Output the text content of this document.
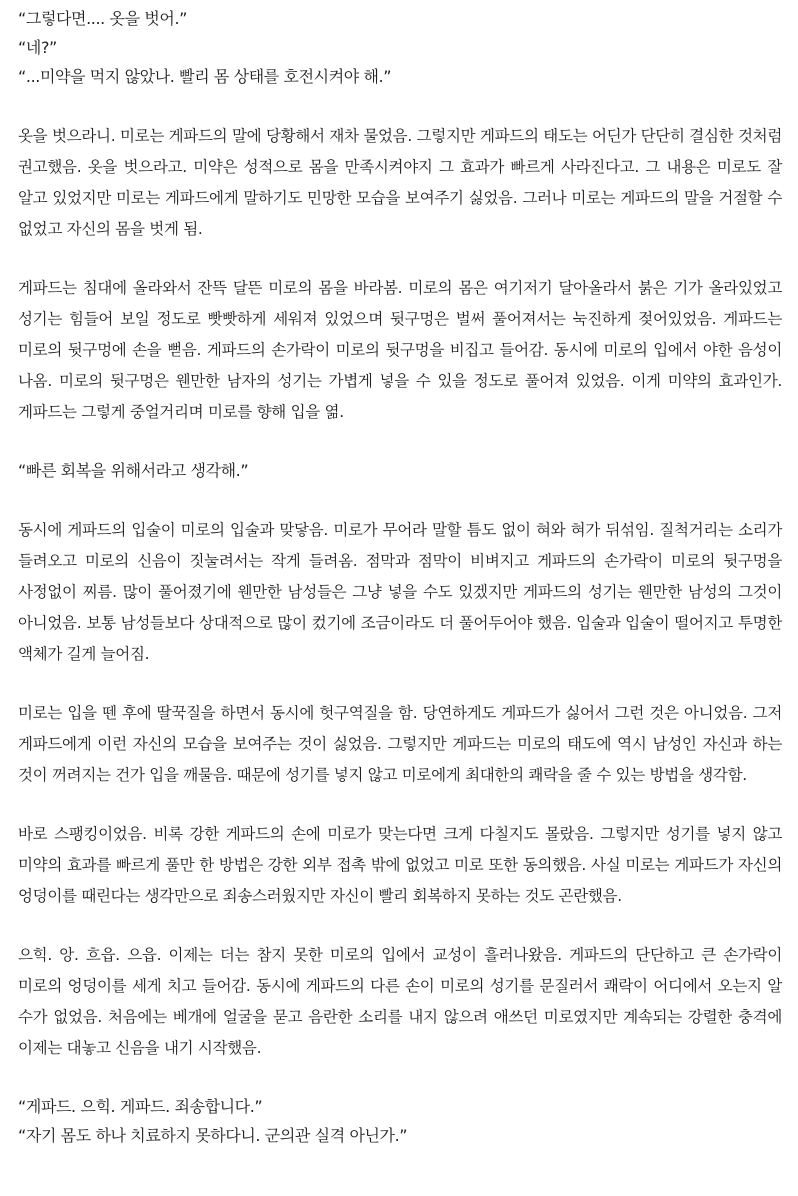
“그렇다면.... 옷을 벗어.”

“네?”

“...미약을 먹지 않았나. 빨리 몸 상태를 호전시켜야 해.”

옷을 벗으라니. 미로는 게파드의 말에 당황해서 재차 물었음. 그렇지만 게파드의 태도는 어딘가 단단히 결심한 것처럼 권고했음. 옷을 벗으라고. 미약은 성적으로 몸을 만족시켜야지 그 효과가 빠르게 사라진다고. 그 내용은 미로도 잘 알고 있었지만 미로는 게파드에게 말하기도 민망한 모습을 보여주기 싫었음. 그러나 미로는 게파드의 말을 거절할 수 없었고 자신의 몸을 벗게 됨.

게파드는 침대에 올라와서 잔뜩 달뜬 미로의 몸을 바라봄. 미로의 몸은 여기저기 달아올라서 붉은 기가 올라있었고 성기는 힘들어 보일 정도로 빳빳하게 세워져 있었으며 뒷구멍은 벌써 풀어져서는 눅진하게 젖어있었음. 게파드는 미로의 뒷구멍에 손을 뻗음. 게파드의 손가락이 미로의 뒷구멍을 비집고 들어감. 동시에 미로의 입에서 야한 음성이 나옴. 미로의 뒷구멍은 웬만한 남자의 성기는 가볍게 넣을 수 있을 정도로 풀어져 있었음. 이게 미약의 효과인가. 게파드는 그렇게 중얼거리며 미로를 향해 입을 엶.

“빠른 회복을 위해서라고 생각해.”

동시에 게파드의 입술이 미로의 입술과 맞닿음. 미로가 무어라 말할 틈도 없이 혀와 혀가 뒤섞임. 질척거리는 소리가 들려오고 미로의 신음이 짓눌려서는 작게 들려옴. 점막과 점막이 비벼지고 게파드의 손가락이 미로의 뒷구멍을 사정없이 찌름. 많이 풀어졌기에 웬만한 남성들은 그냥 넣을 수도 있겠지만 게파드의 성기는 웬만한 남성의 그것이 아니었음. 보통 남성들보다 상대적으로 많이 컸기에 조금이라도 더 풀어두어야 했음. 입술과 입술이 떨어지고 투명한 액체가 길게 늘어짐.

미로는 입을 뗀 후에 딸꾹질을 하면서 동시에 헛구역질을 함. 당연하게도 게파드가 싫어서 그런 것은 아니었음. 그저 게파드에게 이런 자신의 모습을 보여주는 것이 싫었음. 그렇지만 게파드는 미로의 태도에 역시 남성인 자신과 하는 것이 꺼려지는 건가 입을 깨물음. 때문에 성기를 넣지 않고 미로에게 최대한의 쾌락을 줄 수 있는 방법을 생각함.

바로 스팽킹이었음. 비록 강한 게파드의 손에 미로가 맞는다면 크게 다칠지도 몰랐음. 그렇지만 성기를 넣지 않고 미약의 효과를 빠르게 풀만 한 방법은 강한 외부 접촉 밖에 없었고 미로 또한 동의했음. 사실 미로는 게파드가 자신의 엉덩이를 때린다는 생각만으로 죄송스러웠지만 자신이 빨리 회복하지 못하는 것도 곤란했음.

으힉. 앙. 흐읍. 으읍. 이제는 더는 참지 못한 미로의 입에서 교성이 흘러나왔음. 게파드의 단단하고 큰 손가락이 미로의 엉덩이를 세게 치고 들어감. 동시에 게파드의 다른 손이 미로의 성기를 문질러서 쾌락이 어디에서 오는지 알 수가 없었음. 처음에는 베개에 얼굴을 묻고 음란한 소리를 내지 않으려 애쓰던 미로였지만 계속되는 강렬한 충격에 이제는 대놓고 신음을 내기 시작했음.

“게파드. 으힉. 게파드. 죄송합니다.”

“자기 몸도 하나 치료하지 못하다니. 군의관 실격 아닌가.”
